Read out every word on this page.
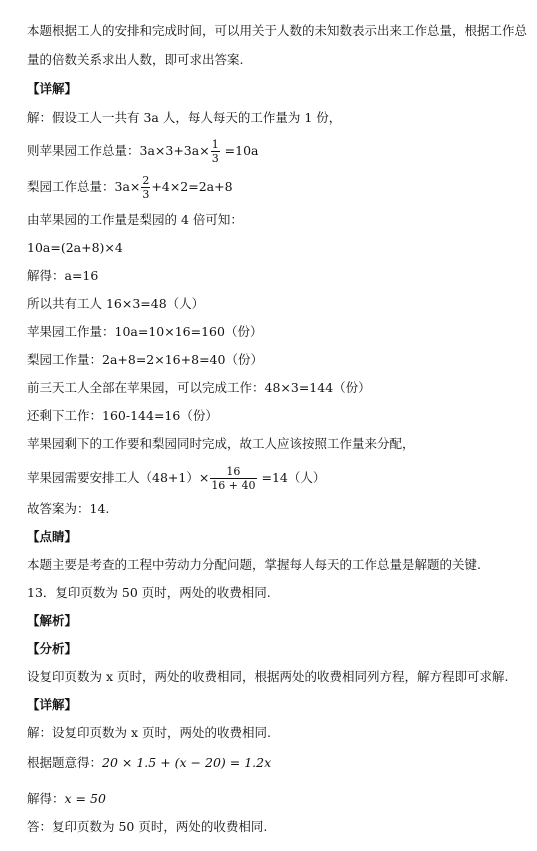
本题根据工人的安排和完成时间，可以用关于人数的未知数表示出来工作总量，根据工作总
量的倍数关系求出人数，即可求出答案.
【详解】
解：假设工人一共有 3a 人，每人每天的工作量为 1 份，
则苹果园工作总量：$3a\times 3+3a\times \frac{1}{3} =10a$
梨园工作总量：$3a\times \frac{2}{3} +4\times 2=2a+8$
由苹果园的工作量是梨园的 4 倍可知：
10a=(2a+8)×4
解得：a=16
所以共有工人 16×3=48（人）
苹果园工作量：10a=10×16=160（份）
梨园工作量：2a+8=2×16+8=40（份）
前三天工人全部在苹果园，可以完成工作：48×3=144（份）
还剩下工作：160-144=16（份）
苹果园剩下的工作要和梨园同时完成，故工人应该按照工作量来分配，
苹果园需要安排工人$(48+1)\times \frac{16}{16 + 40} =14$（人）
故答案为：14.
【点睛】
本题主要是考查的工程中劳动力分配问题，掌握每人每天的工作总量是解题的关键.
13．复印页数为 50 页时，两处的收费相同.
【解析】
【分析】
设复印页数为 x 页时，两处的收费相同，根据两处的收费相同列方程，解方程即可求解.
【详解】
解：设复印页数为 x 页时，两处的收费相同.
根据题意得：20 × 1.5 + (x − 20) = 1.2x
解得：x = 50
答：复印页数为 50 页时，两处的收费相同.
